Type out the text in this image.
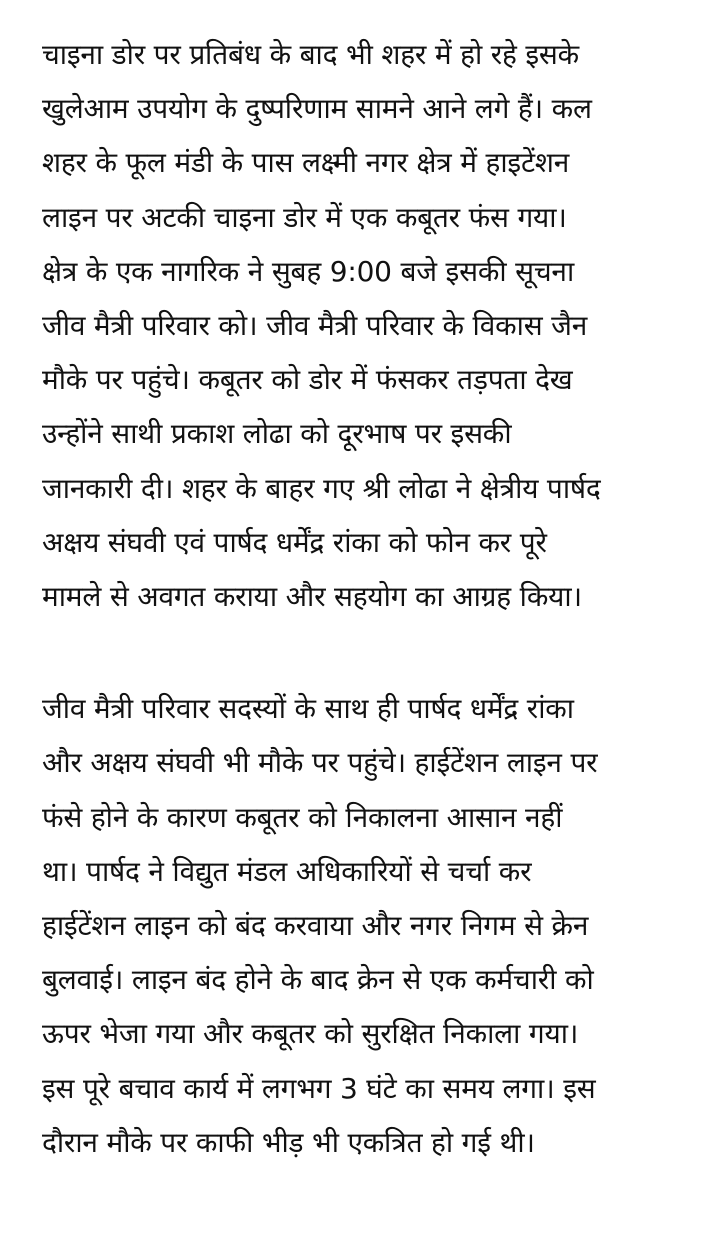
चाइना डोर पर प्रतिबंध के बाद भी शहर में हो रहे इसके
खुलेआम उपयोग के दुष्परिणाम सामने आने लगे हैं। कल
शहर के फूल मंडी के पास लक्ष्मी नगर क्षेत्र में हाइटेंशन
लाइन पर अटकी चाइना डोर में एक कबूतर फंस गया।
क्षेत्र के एक नागरिक ने सुबह 9:00 बजे इसकी सूचना
जीव मैत्री परिवार को। जीव मैत्री परिवार के विकास जैन
मौके पर पहुंचे। कबूतर को डोर में फंसकर तड़पता देख
उन्होंने साथी प्रकाश लोढा को दूरभाष पर इसकी
जानकारी दी। शहर के बाहर गए श्री लोढा ने क्षेत्रीय पार्षद
अक्षय संघवी एवं पार्षद धर्मेंद्र रांका को फोन कर पूरे
मामले से अवगत कराया और सहयोग का आग्रह किया।
जीव मैत्री परिवार सदस्यों के साथ ही पार्षद धर्मेंद्र रांका
और अक्षय संघवी भी मौके पर पहुंचे। हाईटेंशन लाइन पर
फंसे होने के कारण कबूतर को निकालना आसान नहीं
था। पार्षद ने विद्युत मंडल अधिकारियों से चर्चा कर
हाईटेंशन लाइन को बंद करवाया और नगर निगम से क्रेन
बुलवाई। लाइन बंद होने के बाद क्रेन से एक कर्मचारी को
ऊपर भेजा गया और कबूतर को सुरक्षित निकाला गया।
इस पूरे बचाव कार्य में लगभग 3 घंटे का समय लगा। इस
दौरान मौके पर काफी भीड़ भी एकत्रित हो गई थी।
